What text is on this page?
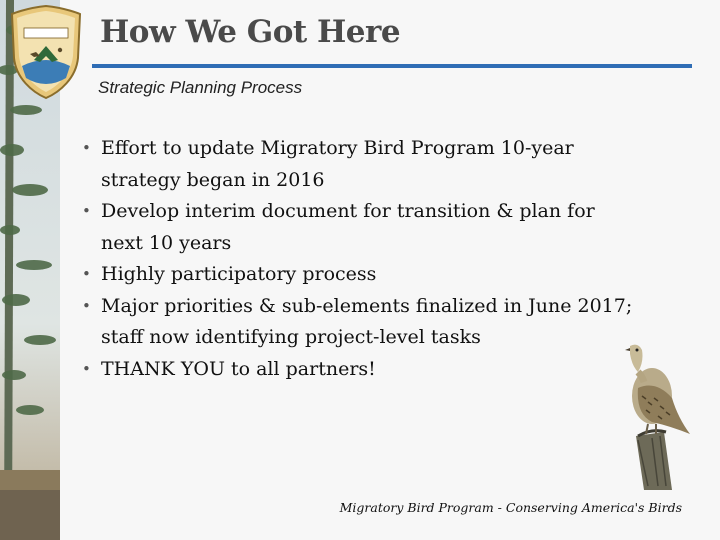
How We Got Here
Strategic Planning Process
• Effort to update Migratory Bird Program 10-year strategy began in 2016
• Develop interim document for transition & plan for next 10 years
• Highly participatory process
• Major priorities & sub-elements finalized in June 2017; staff now identifying project-level tasks
• THANK YOU to all partners!
Migratory Bird Program - Conserving America's Birds
